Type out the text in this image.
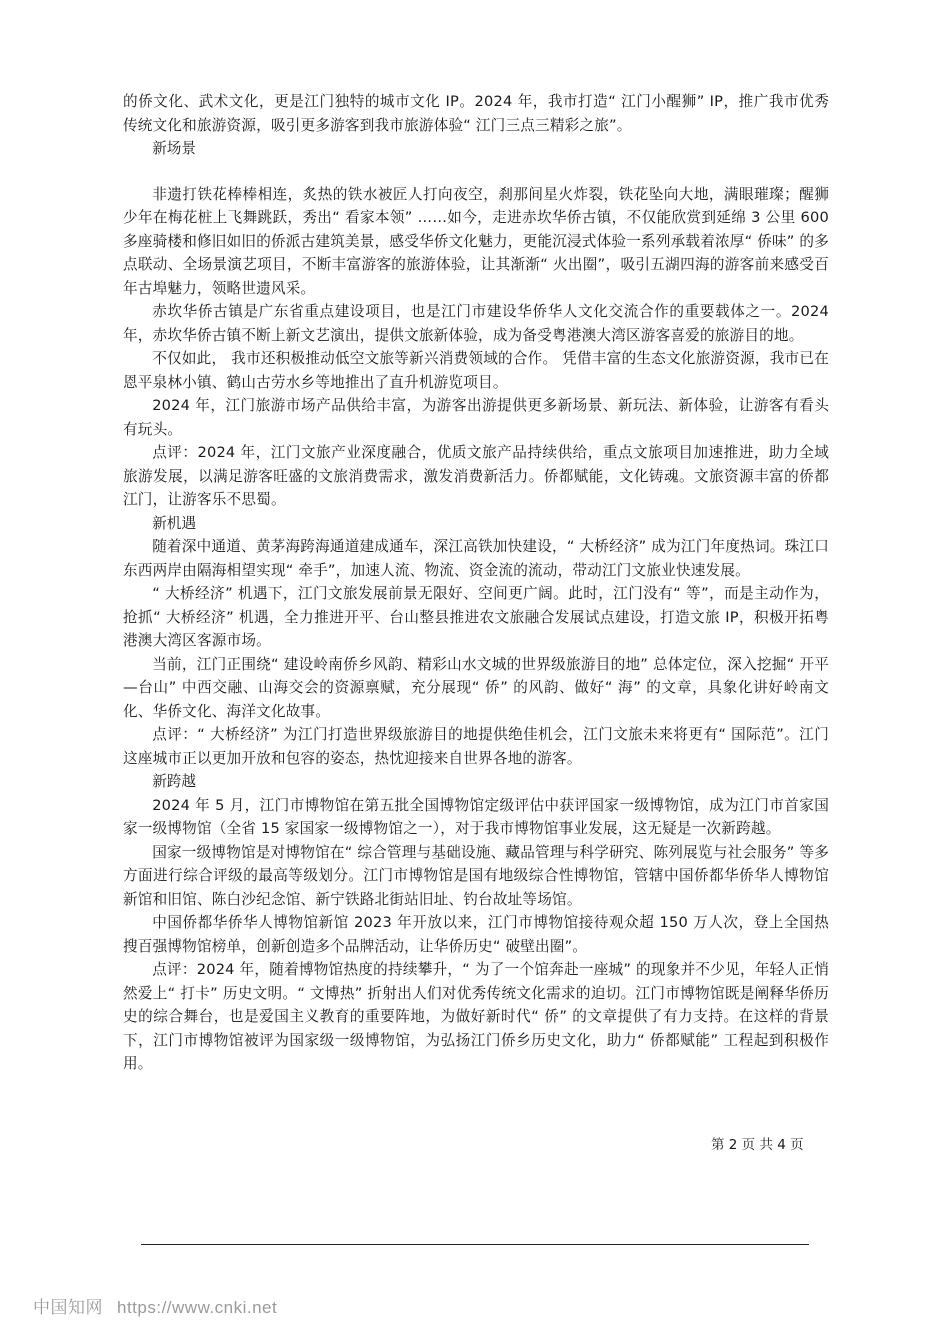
的侨文化、武术文化，更是江门独特的城市文化 IP。2024 年，我市打造“ 江门小醒狮” IP，推广我市优秀传统文化和旅游资源，吸引更多游客到我市旅游体验“ 江门三点三精彩之旅”。

新场景

非遗打铁花棒棒相连，炙热的铁水被匠人打向夜空，刹那间星火炸裂，铁花坠向大地，满眼璀璨；醒狮少年在梅花桩上飞舞跳跃，秀出“ 看家本领” ……如今，走进赤坎华侨古镇，不仅能欣赏到延绵 3 公里 600 多座骑楼和修旧如旧的侨派古建筑美景，感受华侨文化魅力，更能沉浸式体验一系列承载着浓厚“ 侨味” 的多点联动、全场景演艺项目，不断丰富游客的旅游体验，让其渐渐“ 火出圈”，吸引五湖四海的游客前来感受百年古埠魅力，领略世遗风采。

赤坎华侨古镇是广东省重点建设项目，也是江门市建设华侨华人文化交流合作的重要载体之一。2024 年，赤坎华侨古镇不断上新文艺演出，提供文旅新体验，成为备受粤港澳大湾区游客喜爱的旅游目的地。

不仅如此， 我市还积极推动低空文旅等新兴消费领域的合作。 凭借丰富的生态文化旅游资源，我市已在恩平泉林小镇、鹤山古劳水乡等地推出了直升机游览项目。

2024 年，江门旅游市场产品供给丰富，为游客出游提供更多新场景、新玩法、新体验，让游客有看头有玩头。

点评：2024 年，江门文旅产业深度融合，优质文旅产品持续供给，重点文旅项目加速推进，助力全域旅游发展，以满足游客旺盛的文旅消费需求，激发消费新活力。侨都赋能，文化铸魂。文旅资源丰富的侨都江门，让游客乐不思蜀。

新机遇

随着深中通道、黄茅海跨海通道建成通车，深江高铁加快建设，“ 大桥经济” 成为江门年度热词。珠江口东西两岸由隔海相望实现“ 牵手”，加速人流、物流、资金流的流动，带动江门文旅业快速发展。

“ 大桥经济” 机遇下，江门文旅发展前景无限好、空间更广阔。此时，江门没有“ 等”，而是主动作为，抢抓“ 大桥经济” 机遇，全力推进开平、台山整县推进农文旅融合发展试点建设，打造文旅 IP，积极开拓粤港澳大湾区客源市场。

当前，江门正围绕“ 建设岭南侨乡风韵、精彩山水文城的世界级旅游目的地” 总体定位，深入挖掘“ 开平—台山” 中西交融、山海交会的资源禀赋，充分展现“ 侨” 的风韵、做好“ 海” 的文章，具象化讲好岭南文化、华侨文化、海洋文化故事。

点评：“ 大桥经济” 为江门打造世界级旅游目的地提供绝佳机会，江门文旅未来将更有“ 国际范”。江门这座城市正以更加开放和包容的姿态，热忱迎接来自世界各地的游客。

新跨越

2024 年 5 月，江门市博物馆在第五批全国博物馆定级评估中获评国家一级博物馆，成为江门市首家国家一级博物馆（全省 15 家国家一级博物馆之一），对于我市博物馆事业发展，这无疑是一次新跨越。

国家一级博物馆是对博物馆在“ 综合管理与基础设施、藏品管理与科学研究、陈列展览与社会服务” 等多方面进行综合评级的最高等级划分。江门市博物馆是国有地级综合性博物馆，管辖中国侨都华侨华人博物馆新馆和旧馆、陈白沙纪念馆、新宁铁路北街站旧址、钓台故址等场馆。

中国侨都华侨华人博物馆新馆 2023 年开放以来，江门市博物馆接待观众超 150 万人次，登上全国热搜百强博物馆榜单，创新创造多个品牌活动，让华侨历史“ 破壁出圈”。

点评：2024 年，随着博物馆热度的持续攀升，“ 为了一个馆奔赴一座城” 的现象并不少见，年轻人正悄然爱上“ 打卡” 历史文明。“ 文博热” 折射出人们对优秀传统文化需求的迫切。江门市博物馆既是阐释华侨历史的综合舞台，也是爱国主义教育的重要阵地，为做好新时代“ 侨” 的文章提供了有力支持。在这样的背景下，江门市博物馆被评为国家级一级博物馆，为弘扬江门侨乡历史文化，助力“ 侨都赋能” 工程起到积极作用。

第 2 页 共 4 页
中国知网 https://www.cnki.net
